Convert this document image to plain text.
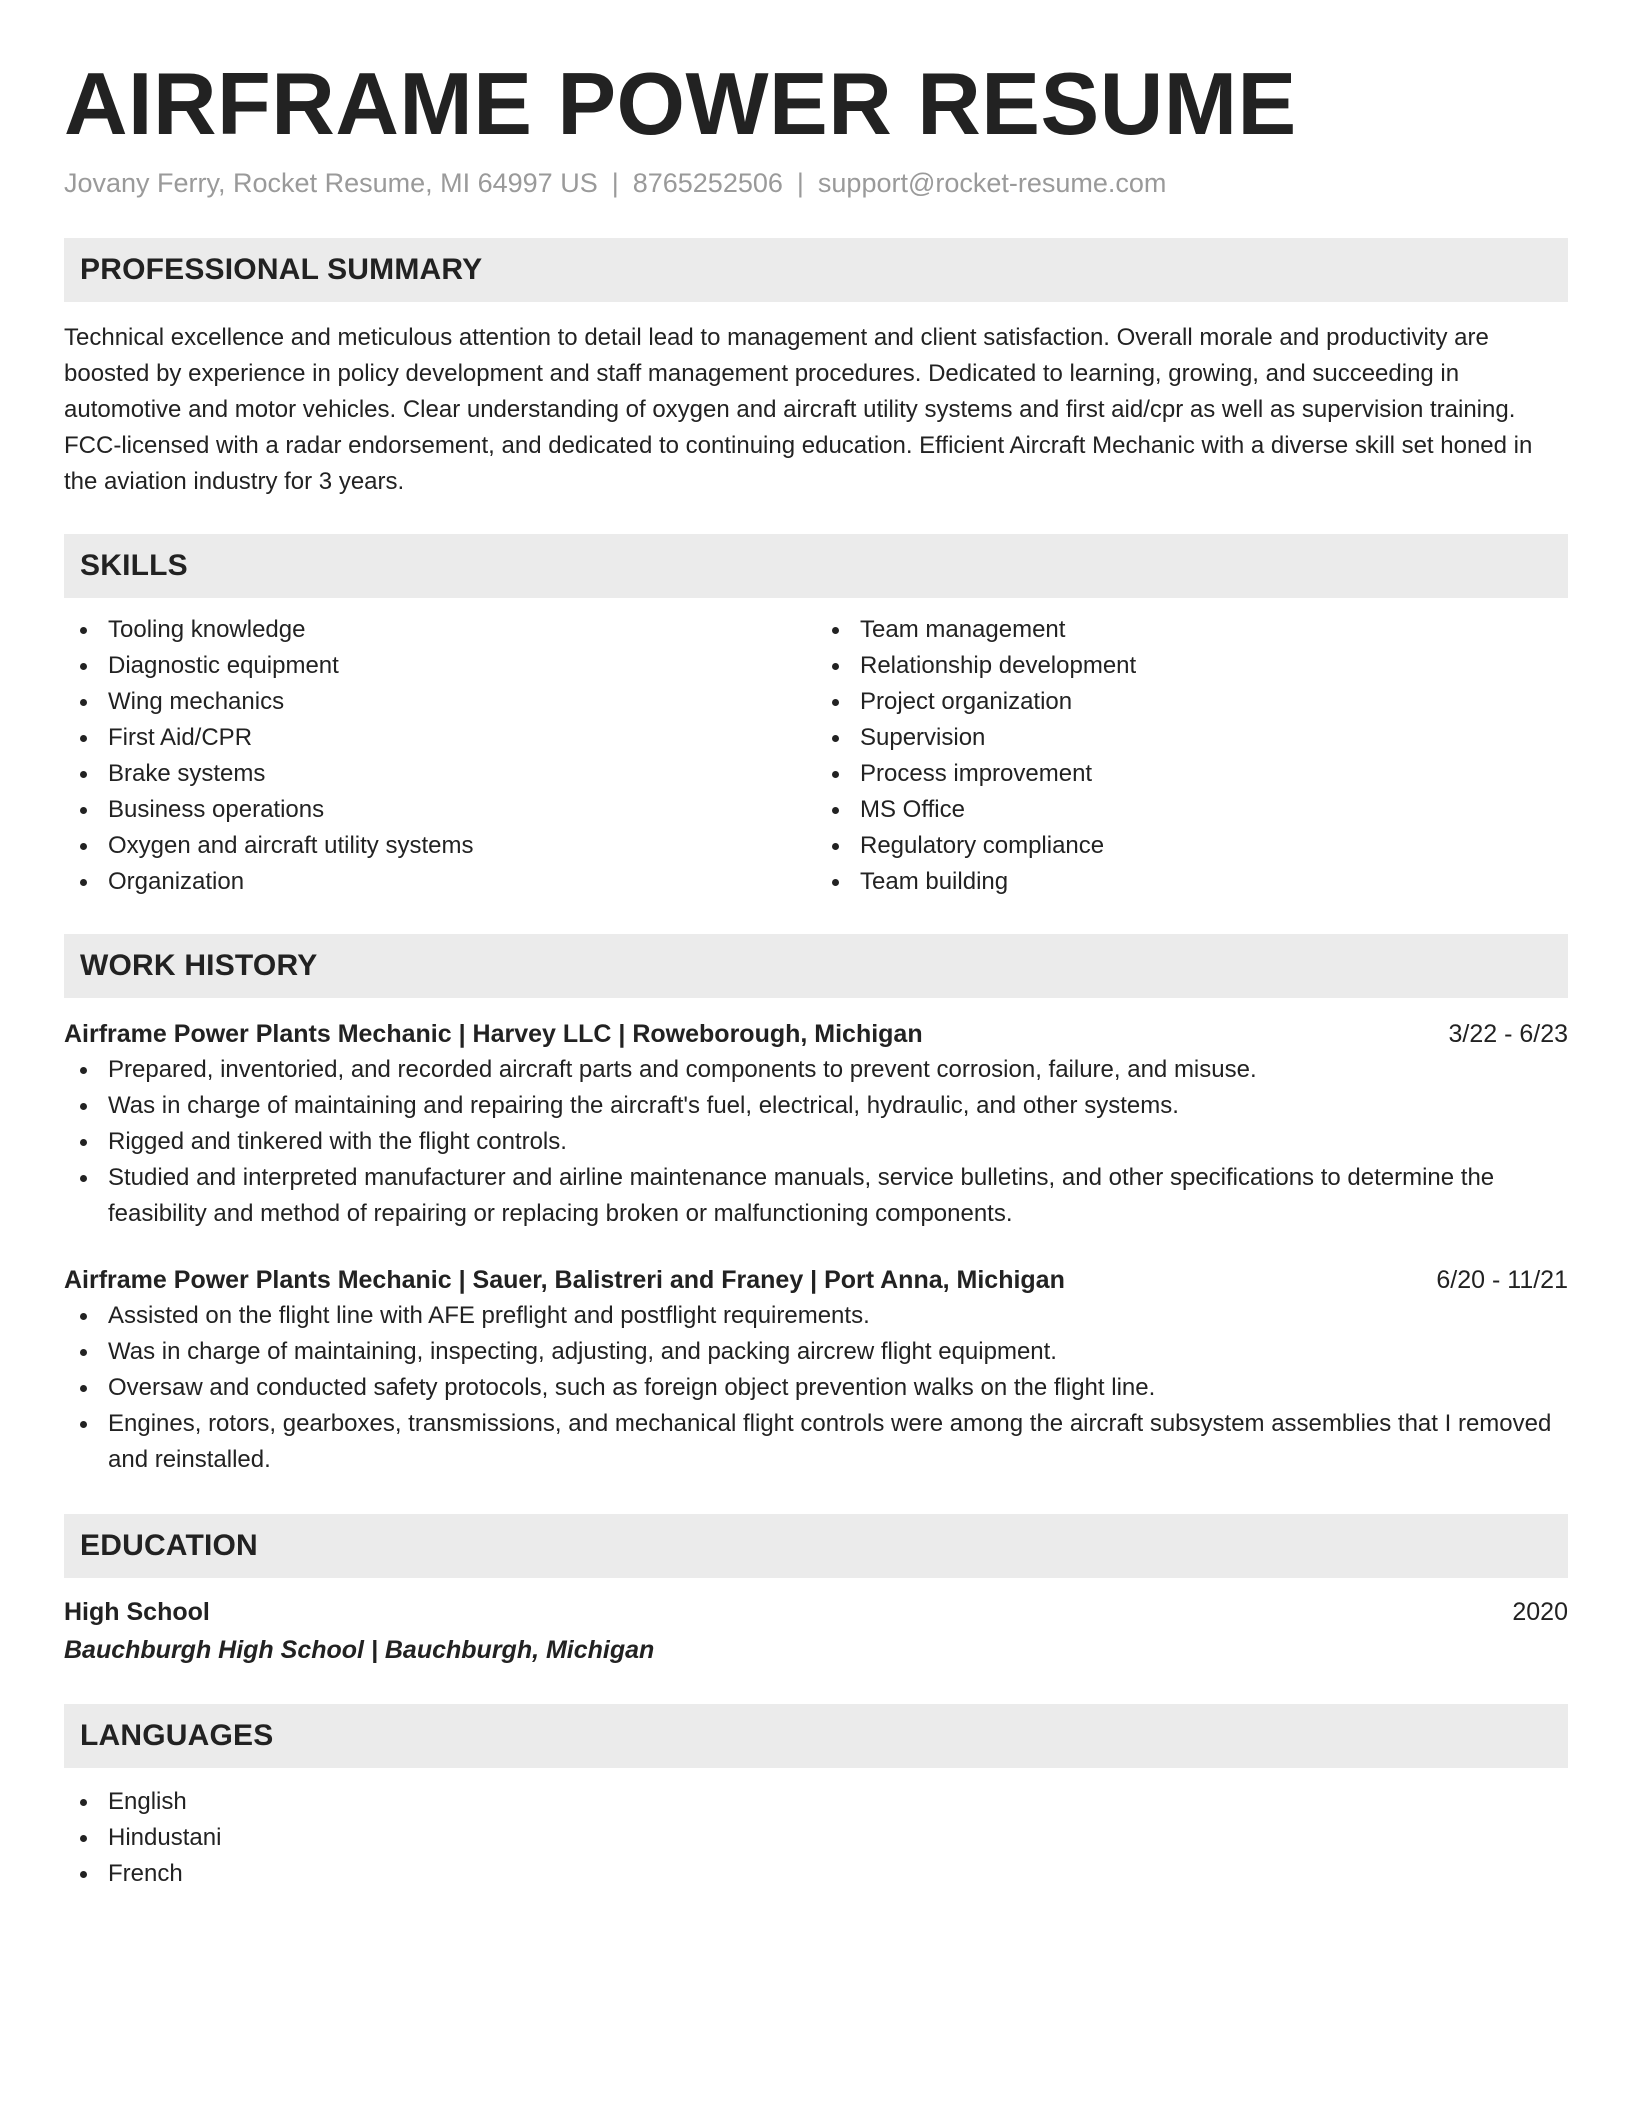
AIRFRAME POWER RESUME
Jovany Ferry, Rocket Resume, MI 64997 US | 8765252506 | support@rocket-resume.com
PROFESSIONAL SUMMARY

Technical excellence and meticulous attention to detail lead to management and client satisfaction. Overall morale and productivity are boosted by experience in policy development and staff management procedures. Dedicated to learning, growing, and succeeding in automotive and motor vehicles. Clear understanding of oxygen and aircraft utility systems and first aid/cpr as well as supervision training. FCC-licensed with a radar endorsement, and dedicated to continuing education. Efficient Aircraft Mechanic with a diverse skill set honed in the aviation industry for 3 years.

SKILLS
Tooling knowledge
Diagnostic equipment
Wing mechanics
First Aid/CPR
Brake systems
Business operations
Oxygen and aircraft utility systems
Organization
Team management
Relationship development
Project organization
Supervision
Process improvement
MS Office
Regulatory compliance
Team building
WORK HISTORY
Airframe Power Plants Mechanic | Harvey LLC | Roweborough, Michigan	3/22 - 6/23
Prepared, inventoried, and recorded aircraft parts and components to prevent corrosion, failure, and misuse.
Was in charge of maintaining and repairing the aircraft's fuel, electrical, hydraulic, and other systems.
Rigged and tinkered with the flight controls.
Studied and interpreted manufacturer and airline maintenance manuals, service bulletins, and other specifications to determine the feasibility and method of repairing or replacing broken or malfunctioning components.
Airframe Power Plants Mechanic | Sauer, Balistreri and Franey | Port Anna, Michigan	6/20 - 11/21
Assisted on the flight line with AFE preflight and postflight requirements.
Was in charge of maintaining, inspecting, adjusting, and packing aircrew flight equipment.
Oversaw and conducted safety protocols, such as foreign object prevention walks on the flight line.
Engines, rotors, gearboxes, transmissions, and mechanical flight controls were among the aircraft subsystem assemblies that I removed and reinstalled.
EDUCATION
High School	2020
Bauchburgh High School | Bauchburgh, Michigan
LANGUAGES
English
Hindustani
French
